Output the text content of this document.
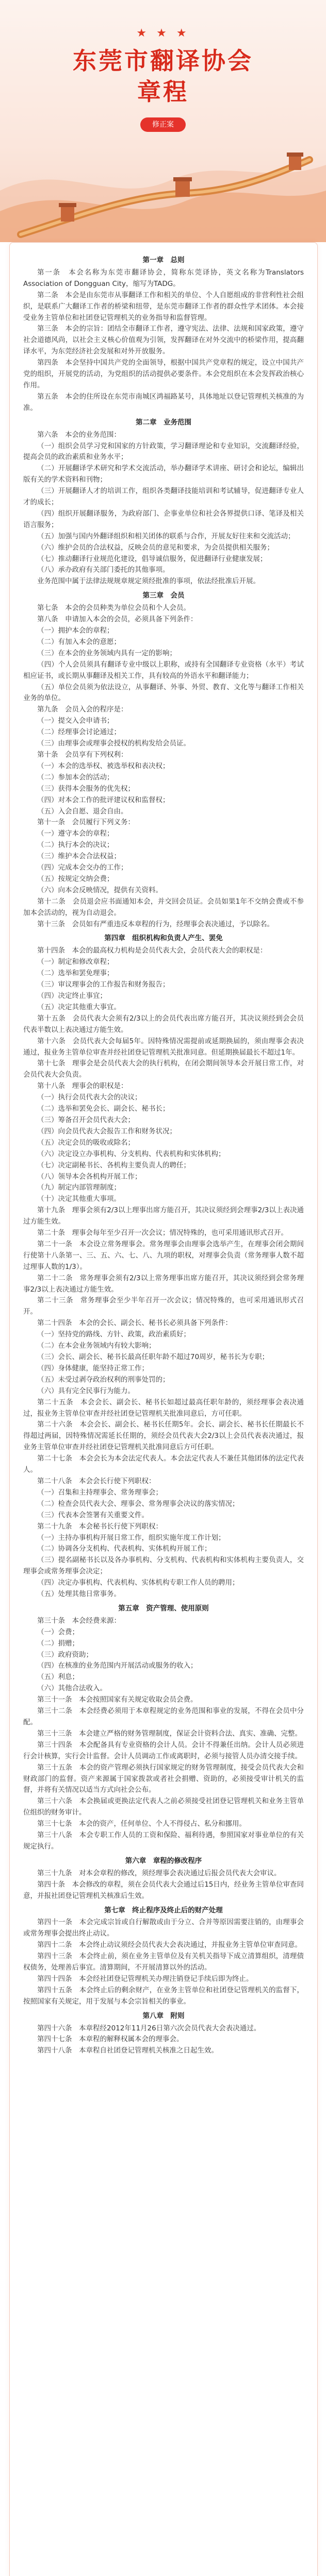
★ ★ ★
东莞市翻译协会
章程
修正案

第一章　总则

第一条　本会名称为东莞市翻译协会，简称东莞译协，英文名称为Translators Association of Dongguan City，缩写为TADG。

第二条　本会是由东莞市从事翻译工作和相关的单位、个人自愿组成的非营利性社会组织，是联系广大翻译工作者的桥梁和纽带，是东莞市翻译工作者的群众性学术团体。本会接受业务主管单位和社团登记管理机关的业务指导和监督管理。

第三条　本会的宗旨：团结全市翻译工作者，遵守宪法、法律、法规和国家政策，遵守社会道德风尚，以社会主义核心价值观为引领，发挥翻译在对外交流中的桥梁作用，提高翻译水平，为东莞经济社会发展和对外开放服务。

第四条　本会坚持中国共产党的全面领导，根据中国共产党章程的规定，设立中国共产党的组织，开展党的活动，为党组织的活动提供必要条件。本会党组织在本会发挥政治核心作用。

第五条　本会的住所设在东莞市南城区鸿福路某号，具体地址以登记管理机关核准的为准。

第二章　业务范围

第六条　本会的业务范围：

（一）组织会员学习党和国家的方针政策，学习翻译理论和专业知识，交流翻译经验，提高会员的政治素质和业务水平；

（二）开展翻译学术研究和学术交流活动，举办翻译学术讲座、研讨会和论坛，编辑出版有关的学术资料和刊物；

（三）开展翻译人才的培训工作，组织各类翻译技能培训和考试辅导，促进翻译专业人才的成长；

（四）组织开展翻译服务，为政府部门、企事业单位和社会各界提供口译、笔译及相关语言服务；

（五）加强与国内外翻译组织和相关团体的联系与合作，开展友好往来和交流活动；

（六）维护会员的合法权益，反映会员的意见和要求，为会员提供相关服务；

（七）推动翻译行业规范化建设，倡导诚信服务，促进翻译行业健康发展；

（八）承办政府有关部门委托的其他事项。

业务范围中属于法律法规规章规定须经批准的事项，依法经批准后开展。

第三章　会员

第七条　本会的会员种类为单位会员和个人会员。

第八条　申请加入本会的会员，必须具备下列条件：

（一）拥护本会的章程；

（二）有加入本会的意愿；

（三）在本会的业务领域内具有一定的影响；

（四）个人会员须具有翻译专业中级以上职称，或持有全国翻译专业资格（水平）考试相应证书，或长期从事翻译及相关工作，具有较高的外语水平和翻译能力；

（五）单位会员须为依法设立，从事翻译、外事、外贸、教育、文化等与翻译工作相关业务的单位。

第九条　会员入会的程序是：

（一）提交入会申请书；

（二）经理事会讨论通过；

（三）由理事会或理事会授权的机构发给会员证。

第十条　会员享有下列权利：

（一）本会的选举权、被选举权和表决权；

（二）参加本会的活动；

（三）获得本会服务的优先权；

（四）对本会工作的批评建议权和监督权；

（五）入会自愿、退会自由。

第十一条　会员履行下列义务：

（一）遵守本会的章程；

（二）执行本会的决议；

（三）维护本会合法权益；

（四）完成本会交办的工作；

（五）按规定交纳会费；

（六）向本会反映情况，提供有关资料。

第十二条　会员退会应书面通知本会，并交回会员证。会员如果1年不交纳会费或不参加本会活动的，视为自动退会。

第十三条　会员如有严重违反本章程的行为，经理事会表决通过，予以除名。

第四章　组织机构和负责人产生、罢免

第十四条　本会的最高权力机构是会员代表大会，会员代表大会的职权是：

（一）制定和修改章程；

（二）选举和罢免理事；

（三）审议理事会的工作报告和财务报告；

（四）决定终止事宜；

（五）决定其他重大事宜。

第十五条　会员代表大会须有2/3以上的会员代表出席方能召开，其决议须经到会会员代表半数以上表决通过方能生效。

第十六条　会员代表大会每届5年。因特殊情况需提前或延期换届的，须由理事会表决通过，报业务主管单位审查并经社团登记管理机关批准同意。但延期换届最长不超过1年。

第十七条　理事会是会员代表大会的执行机构，在闭会期间领导本会开展日常工作，对会员代表大会负责。

第十八条　理事会的职权是：

（一）执行会员代表大会的决议；

（二）选举和罢免会长、副会长、秘书长；

（三）筹备召开会员代表大会；

（四）向会员代表大会报告工作和财务状况；

（五）决定会员的吸收或除名；

（六）决定设立办事机构、分支机构、代表机构和实体机构；

（七）决定副秘书长、各机构主要负责人的聘任；

（八）领导本会各机构开展工作；

（九）制定内部管理制度；

（十）决定其他重大事项。

第十九条　理事会须有2/3以上理事出席方能召开，其决议须经到会理事2/3以上表决通过方能生效。

第二十条　理事会每年至少召开一次会议；情况特殊的，也可采用通讯形式召开。

第二十一条　本会设立常务理事会。常务理事会由理事会选举产生，在理事会闭会期间行使第十八条第一、三、五、六、七、八、九项的职权，对理事会负责（常务理事人数不超过理事人数的1/3）。

第二十二条　常务理事会须有2/3以上常务理事出席方能召开，其决议须经到会常务理事2/3以上表决通过方能生效。

第二十三条　常务理事会至少半年召开一次会议；情况特殊的，也可采用通讯形式召开。

第二十四条　本会的会长、副会长、秘书长必须具备下列条件：

（一）坚持党的路线、方针、政策，政治素质好；

（二）在本会业务领域内有较大影响；

（三）会长、副会长、秘书长最高任职年龄不超过70周岁，秘书长为专职；

（四）身体健康，能坚持正常工作；

（五）未受过剥夺政治权利的刑事处罚的；

（六）具有完全民事行为能力。

第二十五条　本会会长、副会长、秘书长如超过最高任职年龄的，须经理事会表决通过，报业务主管单位审查并经社团登记管理机关批准同意后，方可任职。

第二十六条　本会会长、副会长、秘书长任期5年。会长、副会长、秘书长任期最长不得超过两届，因特殊情况需延长任期的，须经会员代表大会2/3以上会员代表表决通过，报业务主管单位审查并经社团登记管理机关批准同意后方可任职。

第二十七条　本会会长为本会法定代表人。本会法定代表人不兼任其他团体的法定代表人。

第二十八条　本会会长行使下列职权：

（一）召集和主持理事会、常务理事会；

（二）检查会员代表大会、理事会、常务理事会决议的落实情况；

（三）代表本会签署有关重要文件。

第二十九条　本会秘书长行使下列职权：

（一）主持办事机构开展日常工作，组织实施年度工作计划；

（二）协调各分支机构、代表机构、实体机构开展工作；

（三）提名副秘书长以及各办事机构、分支机构、代表机构和实体机构主要负责人，交理事会或常务理事会决定；

（四）决定办事机构、代表机构、实体机构专职工作人员的聘用；

（五）处理其他日常事务。

第五章　资产管理、使用原则

第三十条　本会经费来源：

（一）会费；

（二）捐赠；

（三）政府资助；

（四）在核准的业务范围内开展活动或服务的收入；

（五）利息；

（六）其他合法收入。

第三十一条　本会按照国家有关规定收取会员会费。

第三十二条　本会经费必须用于本章程规定的业务范围和事业的发展，不得在会员中分配。

第三十三条　本会建立严格的财务管理制度，保证会计资料合法、真实、准确、完整。

第三十四条　本会配备具有专业资格的会计人员。会计不得兼任出纳。会计人员必须进行会计核算，实行会计监督。会计人员调动工作或离职时，必须与接管人员办清交接手续。

第三十五条　本会的资产管理必须执行国家规定的财务管理制度，接受会员代表大会和财政部门的监督。资产来源属于国家拨款或者社会捐赠、资助的，必须接受审计机关的监督，并将有关情况以适当方式向社会公布。

第三十六条　本会换届或更换法定代表人之前必须接受社团登记管理机关和业务主管单位组织的财务审计。

第三十七条　本会的资产，任何单位、个人不得侵占、私分和挪用。

第三十八条　本会专职工作人员的工资和保险、福利待遇，参照国家对事业单位的有关规定执行。

第六章　章程的修改程序

第三十九条　对本会章程的修改，须经理事会表决通过后报会员代表大会审议。

第四十条　本会修改的章程，须在会员代表大会通过后15日内，经业务主管单位审查同意，并报社团登记管理机关核准后生效。

第七章　终止程序及终止后的财产处理

第四十一条　本会完成宗旨或自行解散或由于分立、合并等原因需要注销的，由理事会或常务理事会提出终止动议。

第四十二条　本会终止动议须经会员代表大会表决通过，并报业务主管单位审查同意。

第四十三条　本会终止前，须在业务主管单位及有关机关指导下成立清算组织，清理债权债务，处理善后事宜。清算期间，不开展清算以外的活动。

第四十四条　本会经社团登记管理机关办理注销登记手续后即为终止。

第四十五条　本会终止后的剩余财产，在业务主管单位和社团登记管理机关的监督下，按照国家有关规定，用于发展与本会宗旨相关的事业。

第八章　附则

第四十六条　本章程经2012年11月26日第六次会员代表大会表决通过。

第四十七条　本章程的解释权属本会的理事会。

第四十八条　本章程自社团登记管理机关核准之日起生效。
